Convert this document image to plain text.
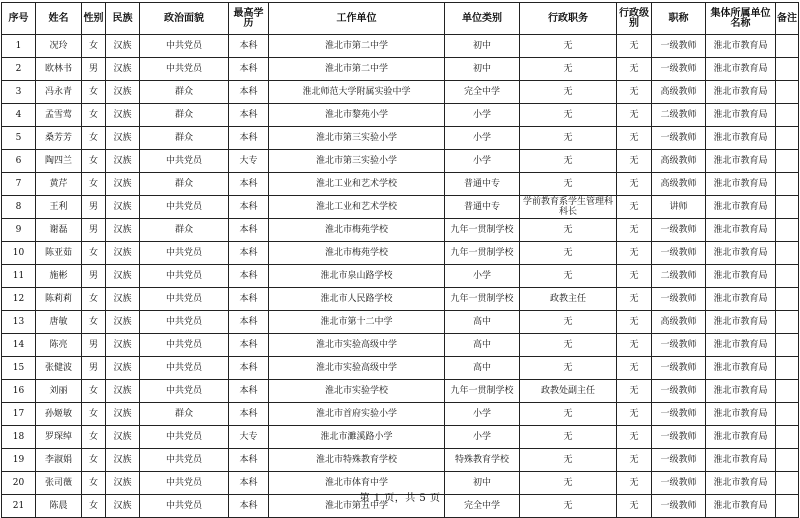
序号	姓名	性别	民族	政治面貌	最高学历	工作单位	单位类别	行政职务	行政级别	职称	集体所属单位名称	备注
1	况玲	女	汉族	中共党员	本科	淮北市第二中学	初中	无	无	一级教师	淮北市教育局	
2	欧林书	男	汉族	中共党员	本科	淮北市第二中学	初中	无	无	一级教师	淮北市教育局	
3	冯永青	女	汉族	群众	本科	淮北师范大学附属实验中学	完全中学	无	无	高级教师	淮北市教育局	
4	孟雪莺	女	汉族	群众	本科	淮北市黎苑小学	小学	无	无	二级教师	淮北市教育局	
5	桑芳芳	女	汉族	群众	本科	淮北市第三实验小学	小学	无	无	一级教师	淮北市教育局	
6	陶四兰	女	汉族	中共党员	大专	淮北市第三实验小学	小学	无	无	高级教师	淮北市教育局	
7	黄芹	女	汉族	群众	本科	淮北工业和艺术学校	普通中专	无	无	高级教师	淮北市教育局	
8	王利	男	汉族	中共党员	本科	淮北工业和艺术学校	普通中专	学前教育系学生管理科科长	无	讲师	淮北市教育局	
9	谢磊	男	汉族	群众	本科	淮北市梅苑学校	九年一贯制学校	无	无	一级教师	淮北市教育局	
10	陈亚茹	女	汉族	中共党员	本科	淮北市梅苑学校	九年一贯制学校	无	无	一级教师	淮北市教育局	
11	施彬	男	汉族	中共党员	本科	淮北市泉山路学校	小学	无	无	二级教师	淮北市教育局	
12	陈莉莉	女	汉族	中共党员	本科	淮北市人民路学校	九年一贯制学校	政教主任	无	一级教师	淮北市教育局	
13	唐敏	女	汉族	中共党员	本科	淮北市第十二中学	高中	无	无	高级教师	淮北市教育局	
14	陈亮	男	汉族	中共党员	本科	淮北市实验高级中学	高中	无	无	一级教师	淮北市教育局	
15	张健波	男	汉族	中共党员	本科	淮北市实验高级中学	高中	无	无	一级教师	淮北市教育局	
16	刘丽	女	汉族	中共党员	本科	淮北市实验学校	九年一贯制学校	政教处副主任	无	一级教师	淮北市教育局	
17	孙姬敏	女	汉族	群众	本科	淮北市首府实验小学	小学	无	无	一级教师	淮北市教育局	
18	罗琛绰	女	汉族	中共党员	大专	淮北市濉溪路小学	小学	无	无	一级教师	淮北市教育局	
19	李淑娟	女	汉族	中共党员	本科	淮北市特殊教育学校	特殊教育学校	无	无	一级教师	淮北市教育局	
20	张司薇	女	汉族	中共党员	本科	淮北市体育中学	初中	无	无	一级教师	淮北市教育局	
21	陈晨	女	汉族	中共党员	本科	淮北市第五中学	完全中学	无	无	一级教师	淮北市教育局	
第 1 页，共 5 页
